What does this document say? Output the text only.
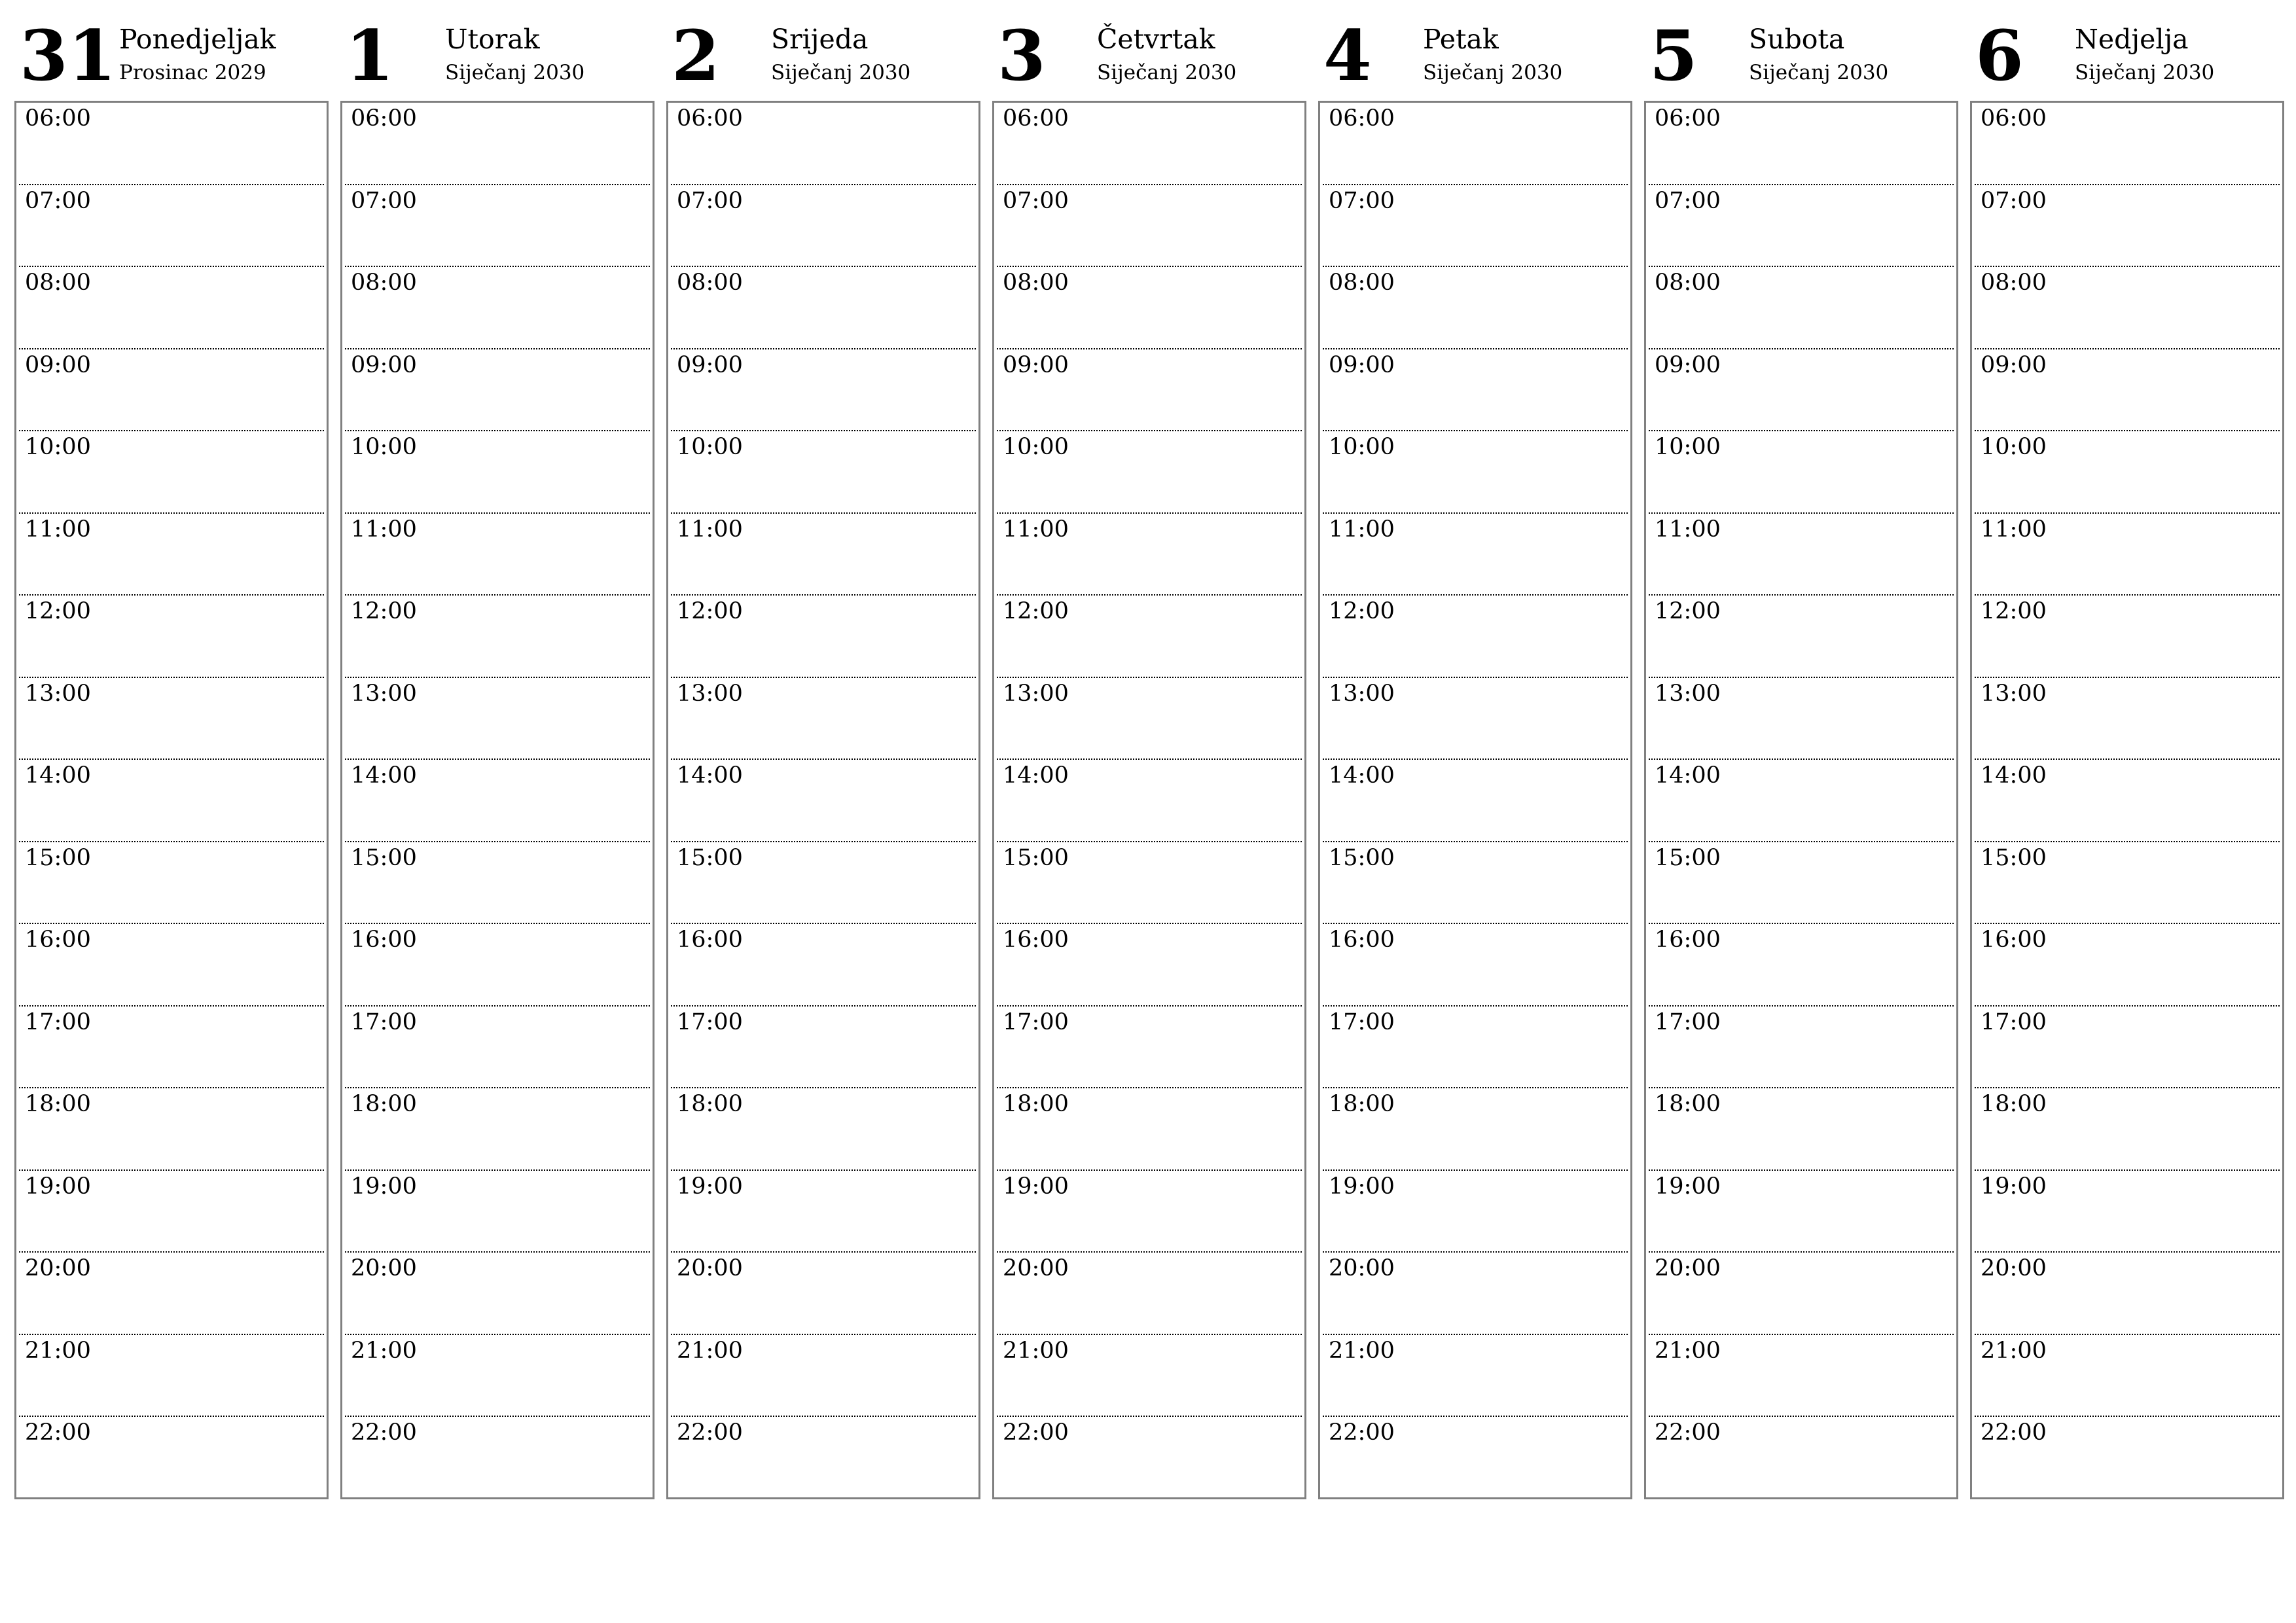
31 Ponedjeljak
Prosinac 2029
06:00
07:00
08:00
09:00
10:00
11:00
12:00
13:00
14:00
15:00
16:00
17:00
18:00
19:00
20:00
21:00
22:00
1 Utorak
Siječanj 2030
06:00
07:00
08:00
09:00
10:00
11:00
12:00
13:00
14:00
15:00
16:00
17:00
18:00
19:00
20:00
21:00
22:00
2 Srijeda
Siječanj 2030
06:00
07:00
08:00
09:00
10:00
11:00
12:00
13:00
14:00
15:00
16:00
17:00
18:00
19:00
20:00
21:00
22:00
3 Četvrtak
Siječanj 2030
06:00
07:00
08:00
09:00
10:00
11:00
12:00
13:00
14:00
15:00
16:00
17:00
18:00
19:00
20:00
21:00
22:00
4 Petak
Siječanj 2030
06:00
07:00
08:00
09:00
10:00
11:00
12:00
13:00
14:00
15:00
16:00
17:00
18:00
19:00
20:00
21:00
22:00
5 Subota
Siječanj 2030
06:00
07:00
08:00
09:00
10:00
11:00
12:00
13:00
14:00
15:00
16:00
17:00
18:00
19:00
20:00
21:00
22:00
6 Nedjelja
Siječanj 2030
06:00
07:00
08:00
09:00
10:00
11:00
12:00
13:00
14:00
15:00
16:00
17:00
18:00
19:00
20:00
21:00
22:00
